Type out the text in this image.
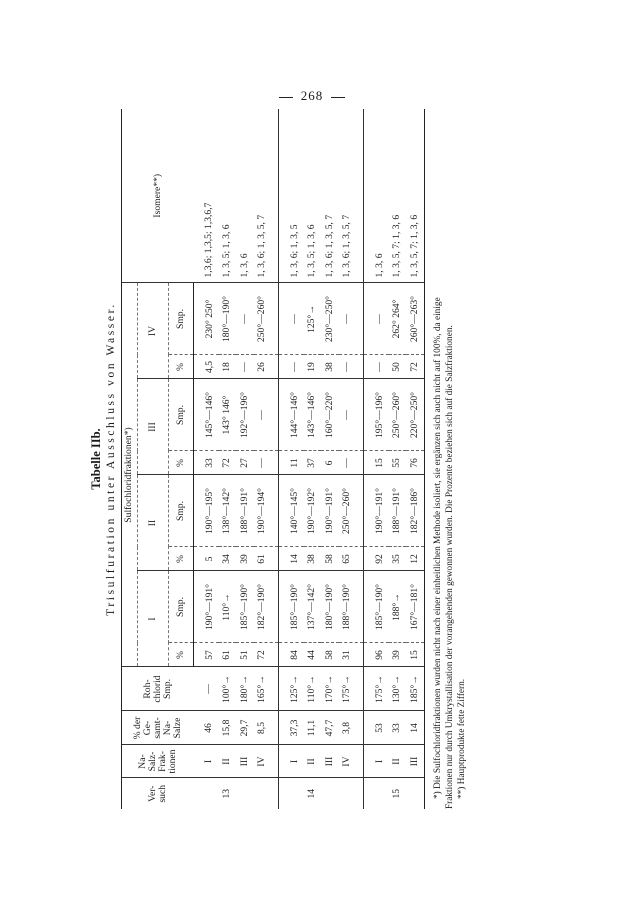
268
Tabelle IIb. Trisulfuration unter Ausschluss von Wasser.
Ver- such	Na- Salz- Frak- tionen	% der Ge- samt- Na- Salze	Roh- chlorid Smp.	Sulfochloridfraktionen*)								Isomere**)
				I		II		III		IV		
				%	Smp.	%	Smp.	%	Smp.	%	Smp.	
	I	46	—	57	190°—191°	5	190°—195°	33	145°—146°	4,5	230° 250°	1,3,6; 1,3,5; 1,3,6,7
13	II	15,8	100°→	61	110°→	34	138°—142°	72	143° 146°	18	180°—190°	1, 3, 5; 1, 3, 6
	III	29,7	180°→	51	185°—190°	39	188°—191°	27	192°—196°	—	—	1, 3, 6
	IV	8,5	165°→	72	182°—190°	61	190°—194°	—	—	26	250°—260°	1, 3, 6; 1, 3, 5, 7
	I	37,3	125°→	84	185°—190°	14	140°—145°	11	144°—146°	—	—	1, 3, 6; 1, 3, 5
14	II	11,1	110°→	44	137°—142°	38	190°—192°	37	143°—146°	19	125°→	1, 3, 5; 1, 3, 6
	III	47,7	170°→	58	180°—190°	58	190°—191°	6	160°—220°	38	230°—250°	1, 3, 6; 1, 3, 5, 7
	IV	3,8	175°→	31	188°—190°	65	250°—260°	—	—	—	—	1, 3, 6; 1, 3, 5, 7
	I	53	175°→	96	185°—190°	92	190°—191°	15	195°—196°	—	—	1, 3, 6
15	II	33	130°→	39	188°→	35	188°—191°	55	250°—260°	50	262° 264°	1, 3, 5, 7; 1, 3, 6
	III	14	185°→	15	167°—181°	12	182°—186°	76	220°—250°	72	260°—263°	1, 3, 5, 7; 1, 3, 6

*) Die Sulfochloridfraktionen wurden nicht nach einer einheitlichen Methode isoliert, sie ergänzen sich auch nicht auf 100%, da einige Fraktionen nur durch Umkrystallisation der vorangehenden gewonnen wurden. Die Prozente beziehen sich auf die Salzfraktionen. **) Hauptprodukte fette Ziffern.
